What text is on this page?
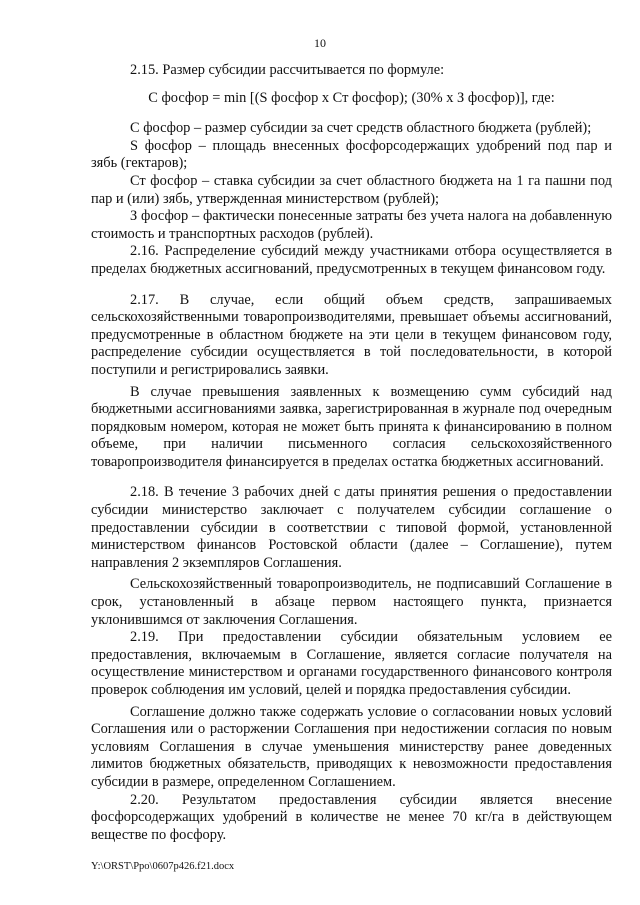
10

2.15. Размер субсидии рассчитывается по формуле:

С фосфор = min [(S фосфор x Ст фосфор); (30% x З фосфор)], где:

С фосфор – размер субсидии за счет средств областного бюджета (рублей);

S фосфор – площадь внесенных фосфорсодержащих удобрений под пар и зябь (гектаров);

Ст фосфор – ставка субсидии за счет областного бюджета на 1 га пашни под пар и (или) зябь, утвержденная министерством (рублей);

З фосфор – фактически понесенные затраты без учета налога на добавленную стоимость и транспортных расходов (рублей).

2.16. Распределение субсидий между участниками отбора осуществляется в пределах бюджетных ассигнований, предусмотренных в текущем финансовом году.

2.17. В случае, если общий объем средств, запрашиваемых сельскохозяйственными товаропроизводителями, превышает объемы ассигнований, предусмотренные в областном бюджете на эти цели в текущем финансовом году, распределение субсидии осуществляется в той последовательности, в которой поступили и регистрировались заявки.

В случае превышения заявленных к возмещению сумм субсидий над бюджетными ассигнованиями заявка, зарегистрированная в журнале под очередным порядковым номером, которая не может быть принята к финансированию в полном объеме, при наличии письменного согласия сельскохозяйственного товаропроизводителя финансируется в пределах остатка бюджетных ассигнований.

2.18. В течение 3 рабочих дней с даты принятия решения о предоставлении субсидии министерство заключает с получателем субсидии соглашение о предоставлении субсидии в соответствии с типовой формой, установленной министерством финансов Ростовской области (далее – Соглашение), путем направления 2 экземпляров Соглашения.

Сельскохозяйственный товаропроизводитель, не подписавший Соглашение в срок, установленный в абзаце первом настоящего пункта, признается уклонившимся от заключения Соглашения.

2.19. При предоставлении субсидии обязательным условием ее предоставления, включаемым в Соглашение, является согласие получателя на осуществление министерством и органами государственного финансового контроля проверок соблюдения им условий, целей и порядка предоставления субсидии.

Соглашение должно также содержать условие о согласовании новых условий Соглашения или о расторжении Соглашения при недостижении согласия по новым условиям Соглашения в случае уменьшения министерству ранее доведенных лимитов бюджетных обязательств, приводящих к невозможности предоставления субсидии в размере, определенном Соглашением.

2.20. Результатом предоставления субсидии является внесение фосфорсодержащих удобрений в количестве не менее 70 кг/га в действующем веществе по фосфору.

Y:\ORST\Ppo\0607p426.f21.docx
